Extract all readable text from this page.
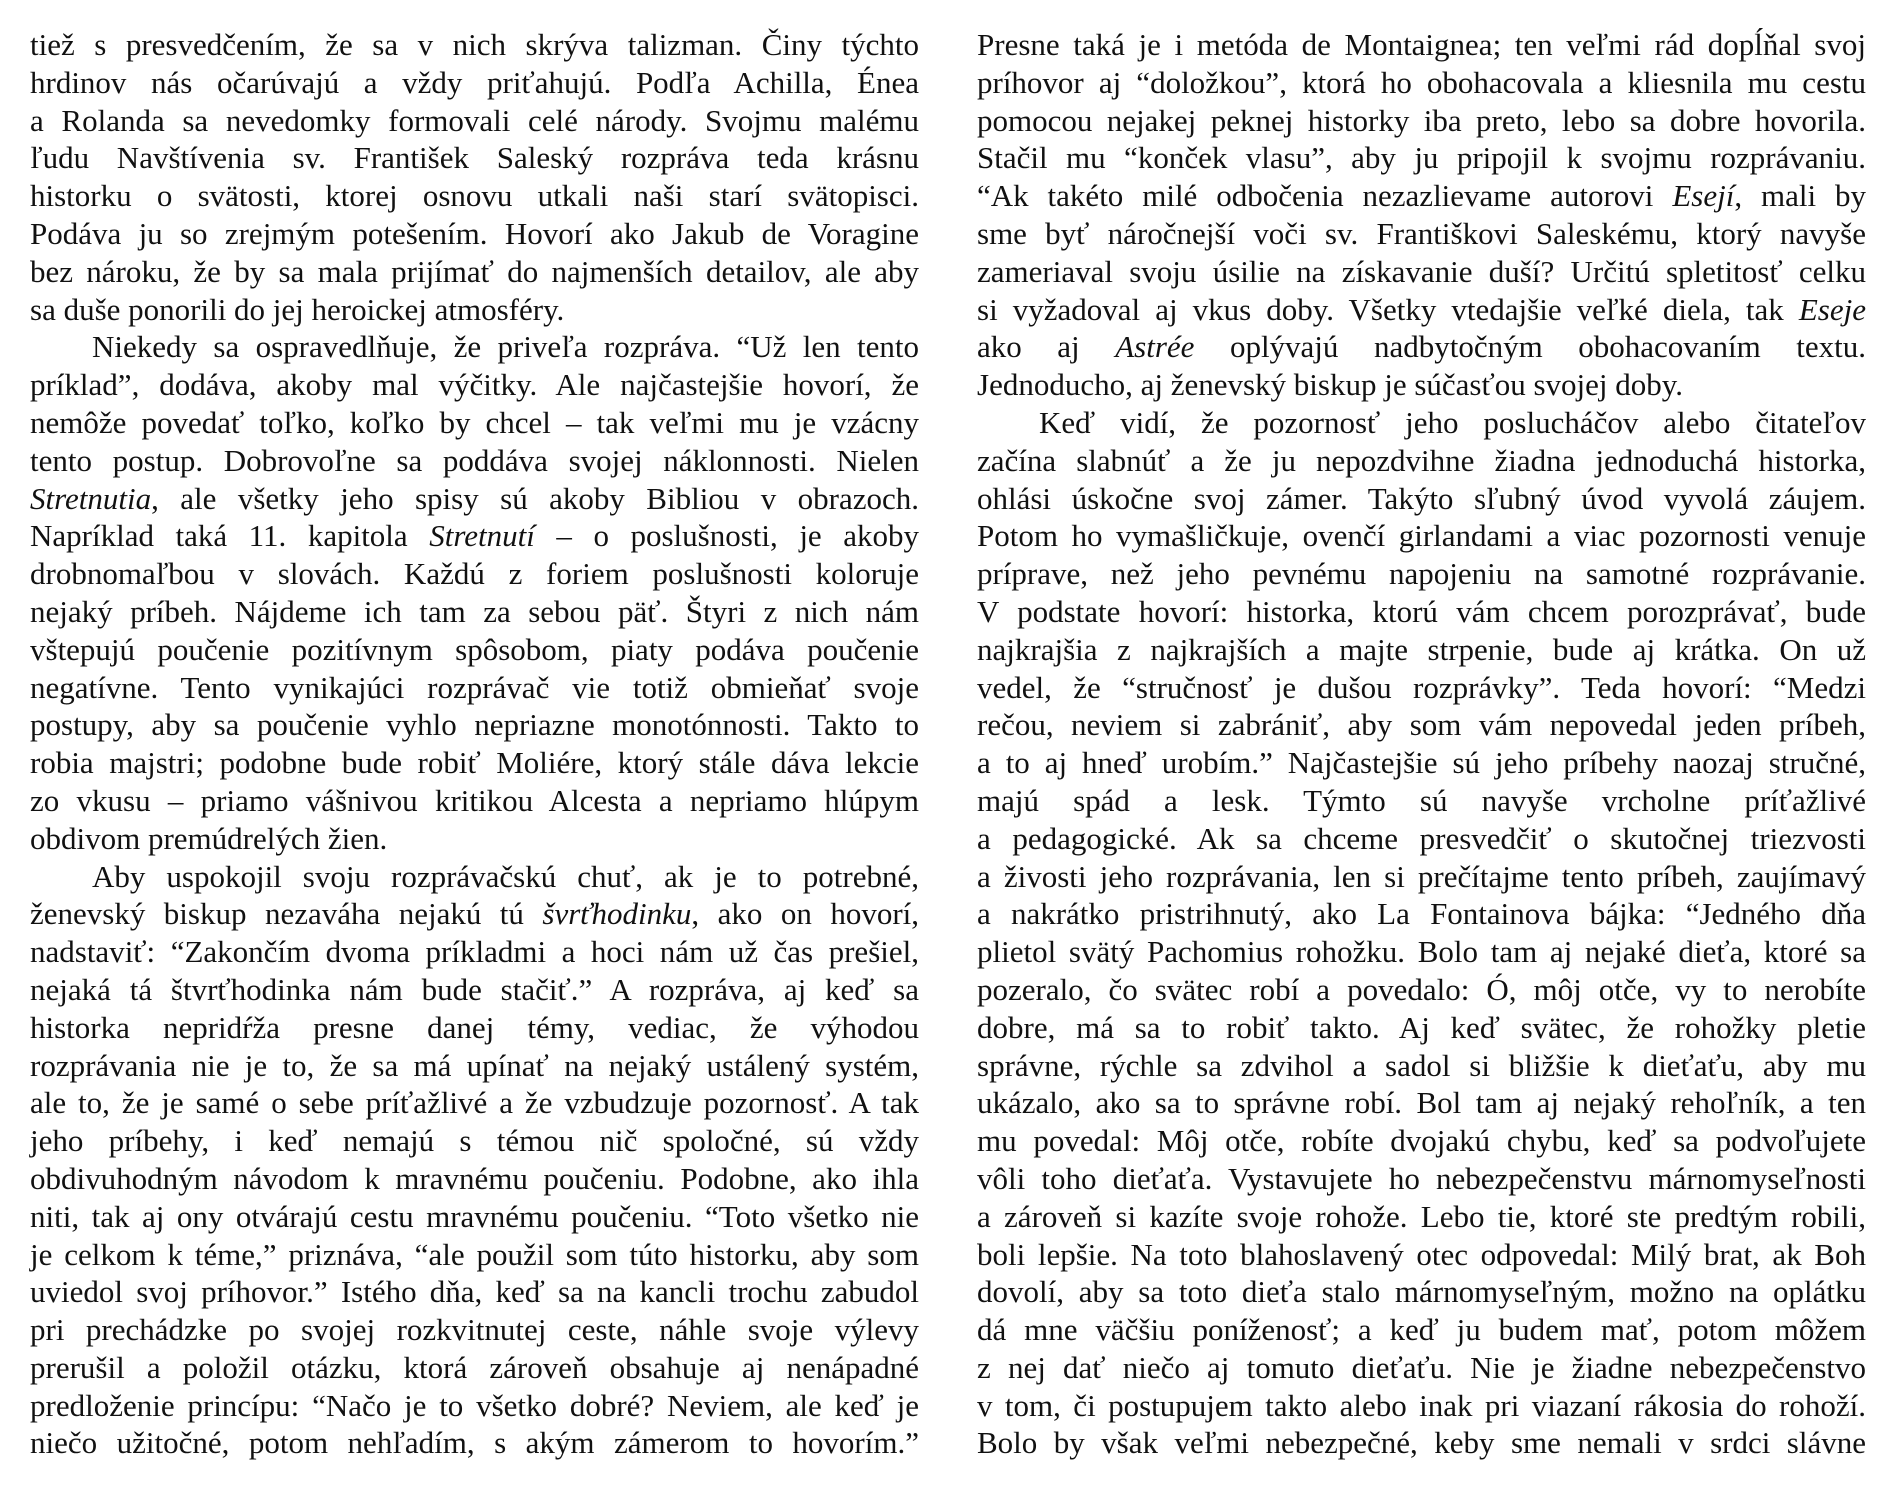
tiež s presvedčením, že sa v nich skrýva talizman. Činy týchto
hrdinov nás očarúvajú a vždy priťahujú. Podľa Achilla, Énea
a Rolanda sa nevedomky formovali celé národy. Svojmu malému
ľudu Navštívenia sv. František Saleský rozpráva teda krásnu
historku o svätosti, ktorej osnovu utkali naši starí svätopisci.
Podáva ju so zrejmým potešením. Hovorí ako Jakub de Voragine
bez nároku, že by sa mala prijímať do najmenších detailov, ale aby
sa duše ponorili do jej heroickej atmosféry.
Niekedy sa ospravedlňuje, že priveľa rozpráva. “Už len tento
príklad”, dodáva, akoby mal výčitky. Ale najčastejšie hovorí, že
nemôže povedať toľko, koľko by chcel – tak veľmi mu je vzácny
tento postup. Dobrovoľne sa poddáva svojej náklonnosti. Nielen
Stretnutia, ale všetky jeho spisy sú akoby Bibliou v obrazoch.
Napríklad taká 11. kapitola Stretnutí – o poslušnosti, je akoby
drobnomaľbou v slovách. Každú z foriem poslušnosti koloruje
nejaký príbeh. Nájdeme ich tam za sebou päť. Štyri z nich nám
vštepujú poučenie pozitívnym spôsobom, piaty podáva poučenie
negatívne. Tento vynikajúci rozprávač vie totiž obmieňať svoje
postupy, aby sa poučenie vyhlo nepriazne monotónnosti. Takto to
robia majstri; podobne bude robiť Moliére, ktorý stále dáva lekcie
zo vkusu – priamo vášnivou kritikou Alcesta a nepriamo hlúpym
obdivom premúdrelých žien.
Aby uspokojil svoju rozprávačskú chuť, ak je to potrebné,
ženevský biskup nezaváha nejakú tú švrťhodinku, ako on hovorí,
nadstaviť: “Zakončím dvoma príkladmi a hoci nám už čas prešiel,
nejaká tá štvrťhodinka nám bude stačiť.” A rozpráva, aj keď sa
historka nepridŕža presne danej témy, vediac, že výhodou
rozprávania nie je to, že sa má upínať na nejaký ustálený systém,
ale to, že je samé o sebe príťažlivé a že vzbudzuje pozornosť. A tak
jeho príbehy, i keď nemajú s témou nič spoločné, sú vždy
obdivuhodným návodom k mravnému poučeniu. Podobne, ako ihla
niti, tak aj ony otvárajú cestu mravnému poučeniu. “Toto všetko nie
je celkom k téme,” priznáva, “ale použil som túto historku, aby som
uviedol svoj príhovor.” Istého dňa, keď sa na kancli trochu zabudol
pri prechádzke po svojej rozkvitnutej ceste, náhle svoje výlevy
prerušil a položil otázku, ktorá zároveň obsahuje aj nenápadné
predloženie princípu: “Načo je to všetko dobré? Neviem, ale keď je
niečo užitočné, potom nehľadím, s akým zámerom to hovorím.”
Presne taká je i metóda de Montaignea; ten veľmi rád dopĺňal svoj
príhovor aj “doložkou”, ktorá ho obohacovala a kliesnila mu cestu
pomocou nejakej peknej historky iba preto, lebo sa dobre hovorila.
Stačil mu “konček vlasu”, aby ju pripojil k svojmu rozprávaniu.
“Ak takéto milé odbočenia nezazlievame autorovi Esejí, mali by
sme byť náročnejší voči sv. Františkovi Saleskému, ktorý navyše
zameriaval svoju úsilie na získavanie duší? Určitú spletitosť celku
si vyžadoval aj vkus doby. Všetky vtedajšie veľké diela, tak Eseje
ako aj Astrée oplývajú nadbytočným obohacovaním textu.
Jednoducho, aj ženevský biskup je súčasťou svojej doby.
Keď vidí, že pozornosť jeho poslucháčov alebo čitateľov
začína slabnúť a že ju nepozdvihne žiadna jednoduchá historka,
ohlási úskočne svoj zámer. Takýto sľubný úvod vyvolá záujem.
Potom ho vymašličkuje, ovenčí girlandami a viac pozornosti venuje
príprave, než jeho pevnému napojeniu na samotné rozprávanie.
V podstate hovorí: historka, ktorú vám chcem porozprávať, bude
najkrajšia z najkrajších a majte strpenie, bude aj krátka. On už
vedel, že “stručnosť je dušou rozprávky”. Teda hovorí: “Medzi
rečou, neviem si zabrániť, aby som vám nepovedal jeden príbeh,
a to aj hneď urobím.” Najčastejšie sú jeho príbehy naozaj stručné,
majú spád a lesk. Týmto sú navyše vrcholne príťažlivé
a pedagogické. Ak sa chceme presvedčiť o skutočnej triezvosti
a živosti jeho rozprávania, len si prečítajme tento príbeh, zaujímavý
a nakrátko pristrihnutý, ako La Fontainova bájka: “Jedného dňa
plietol svätý Pachomius rohožku. Bolo tam aj nejaké dieťa, ktoré sa
pozeralo, čo svätec robí a povedalo: Ó, môj otče, vy to nerobíte
dobre, má sa to robiť takto. Aj keď svätec, že rohožky pletie
správne, rýchle sa zdvihol a sadol si bližšie k dieťaťu, aby mu
ukázalo, ako sa to správne robí. Bol tam aj nejaký rehoľník, a ten
mu povedal: Môj otče, robíte dvojakú chybu, keď sa podvoľujete
vôli toho dieťaťa. Vystavujete ho nebezpečenstvu márnomyseľnosti
a zároveň si kazíte svoje rohože. Lebo tie, ktoré ste predtým robili,
boli lepšie. Na toto blahoslavený otec odpovedal: Milý brat, ak Boh
dovolí, aby sa toto dieťa stalo márnomyseľným, možno na oplátku
dá mne väčšiu poníženosť; a keď ju budem mať, potom môžem
z nej dať niečo aj tomuto dieťaťu. Nie je žiadne nebezpečenstvo
v tom, či postupujem takto alebo inak pri viazaní rákosia do rohoží.
Bolo by však veľmi nebezpečné, keby sme nemali v srdci slávne
